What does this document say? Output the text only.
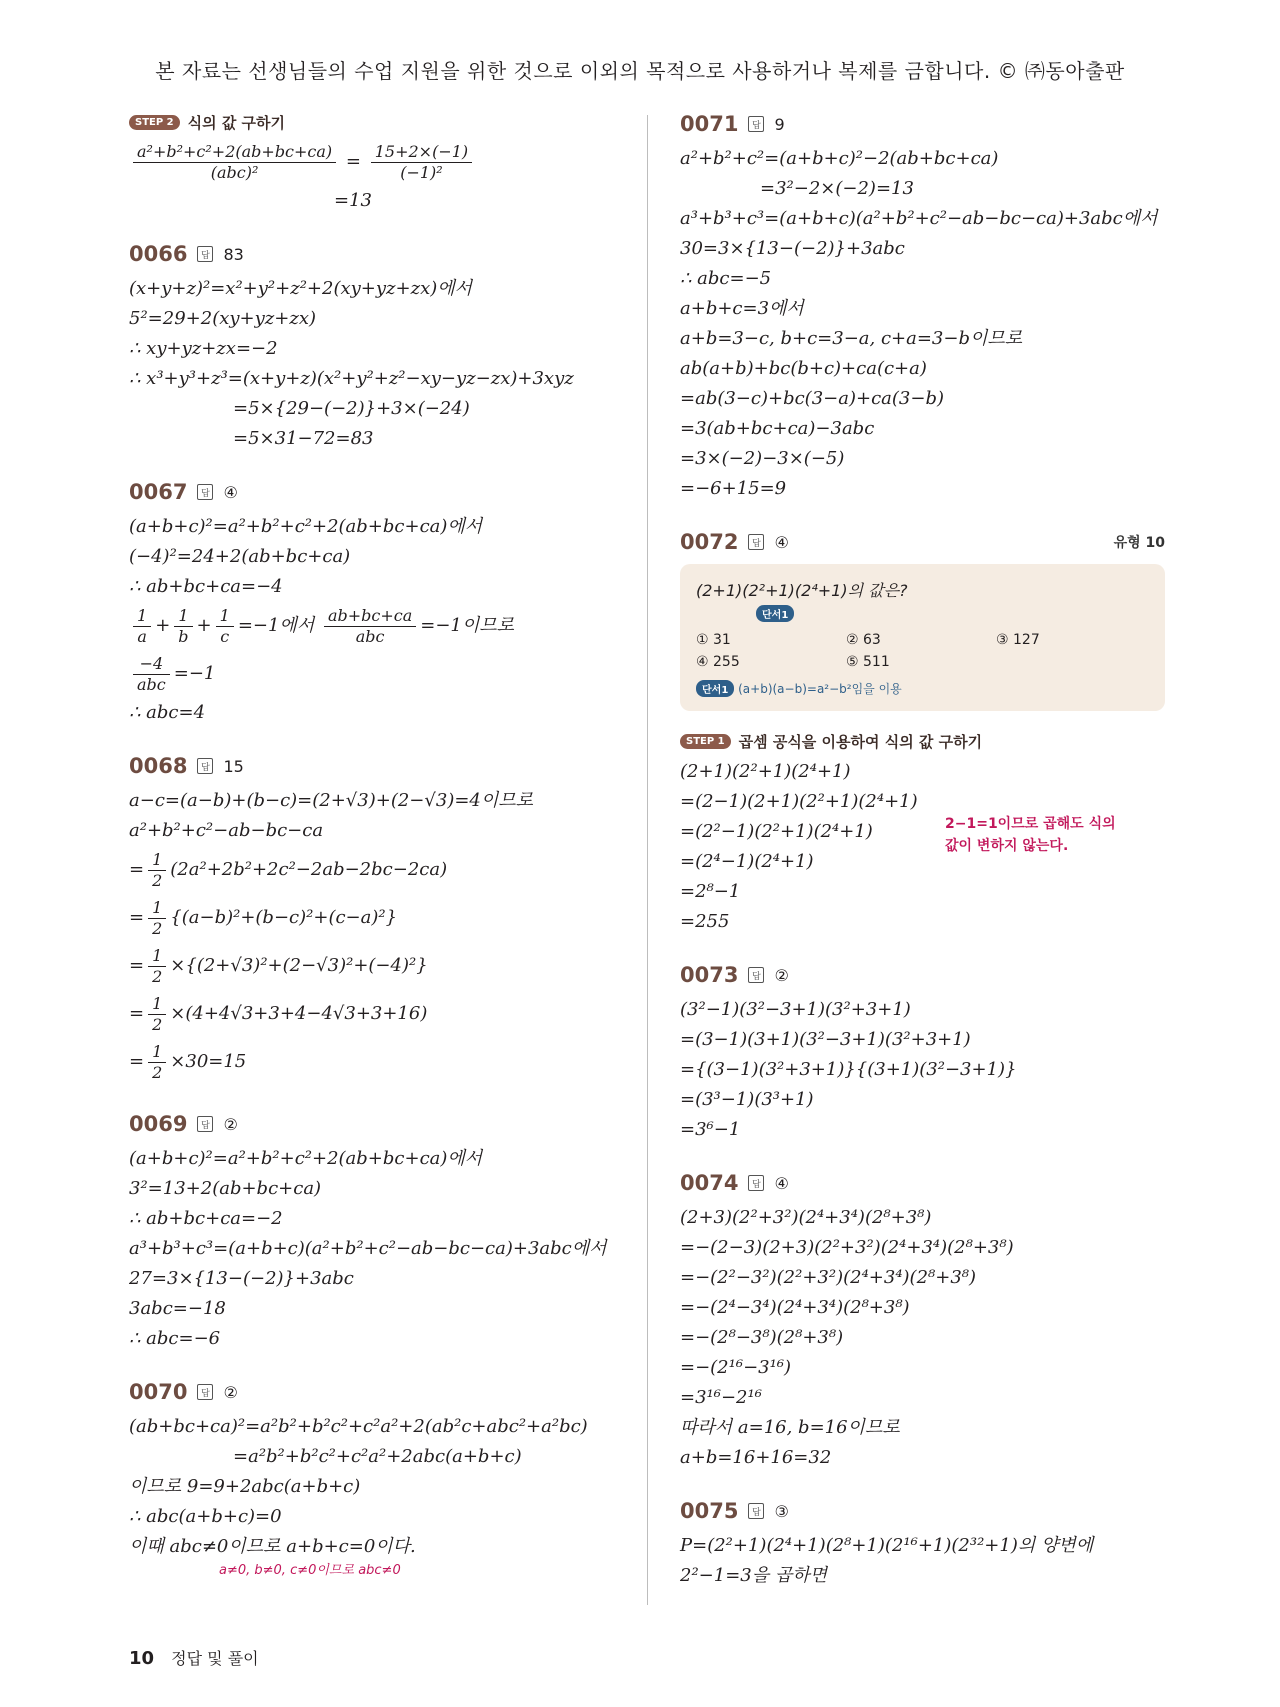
본 자료는 선생님들의 수업 지원을 위한 것으로 이외의 목적으로 사용하거나 복제를 금합니다. © ㈜동아출판
STEP 2 식의 값 구하기
$\frac{\text{a²+b²+c²+2(ab+bc+ca)}}{\text{(abc)²}} = \frac{15+2\times(-1)}{\text{(−1)²}}$
=13
0066	답 83
(x+y+z)²=x²+y²+z²+2(xy+yz+zx)에서
5²=29+2(xy+yz+zx)
∴ xy+yz+zx=−2
∴ x³+y³+z³=(x+y+z)(x²+y²+z²−xy−yz−zx)+3xyz
=5×{29−(−2)}+3×(−24)
=5×31−72=83
0067	답 ④
(a+b+c)²=a²+b²+c²+2(ab+bc+ca)에서
(−4)²=24+2(ab+bc+ca)
∴ ab+bc+ca=−4
$\frac{1}{a} + \frac{1}{b} + \frac{1}{c} =-1$에서 $\frac{ab+bc+ca}{\text{abc}} =-1$이므로
$\frac{-4}{\text{abc}} =-1$
∴ abc=4
0068	답 15
a−c=(a−b)+(b−c)=(2+√3)+(2−√3)=4이므로
a²+b²+c²−ab−bc−ca
= $\frac{1}{2} (2a^2+2b^2+2c^2-2ab-2bc-2ca)$
= $\frac{1}{2} \{(a-b)^2+(b-c)^2+(c-a)^2\}$
= $\frac{1}{2} \times\{(2+√3)^2+(2-√3)^2+(-4)^2\}$
= $\frac{1}{2} \times(4+4√3+3+4-4√3+3+16)$
= $\frac{1}{2} \times 30=15$
0069	답 ②
(a+b+c)²=a²+b²+c²+2(ab+bc+ca)에서
3²=13+2(ab+bc+ca)
∴ ab+bc+ca=−2
a³+b³+c³=(a+b+c)(a²+b²+c²−ab−bc−ca)+3abc에서
27=3×{13−(−2)}+3abc
3abc=−18
∴ abc=−6
0070	답 ②
(ab+bc+ca)²=a²b²+b²c²+c²a²+2(ab²c+abc²+a²bc)
=a²b²+b²c²+c²a²+2abc(a+b+c)
이므로 9=9+2abc(a+b+c)
∴ abc(a+b+c)=0
이때 abc≠0이므로 a+b+c=0이다.
a≠0, b≠0, c≠0이므로 abc≠0
0071	답 9
a²+b²+c²=(a+b+c)²−2(ab+bc+ca)
=3²−2×(−2)=13
a³+b³+c³=(a+b+c)(a²+b²+c²−ab−bc−ca)+3abc에서
30=3×{13−(−2)}+3abc
∴ abc=−5
a+b+c=3에서
a+b=3−c, b+c=3−a, c+a=3−b이므로
ab(a+b)+bc(b+c)+ca(c+a)
=ab(3−c)+bc(3−a)+ca(3−b)
=3(ab+bc+ca)−3abc
=3×(−2)−3×(−5)
=−6+15=9
0072	답 ④	유형 10
(2+1)(2²+1)(2⁴+1)의 값은?
단서1
① 31	② 63	③ 127
④ 255	⑤ 511
단서1 (a+b)(a−b)=a²−b²임을 이용
STEP 1 곱셈 공식을 이용하여 식의 값 구하기
(2+1)(2²+1)(2⁴+1)
=(2−1)(2+1)(2²+1)(2⁴+1)
=(2²−1)(2²+1)(2⁴+1)
=(2⁴−1)(2⁴+1)
=2⁸−1
=255
0073	답 ②
(3²−1)(3²−3+1)(3²+3+1)
=(3−1)(3+1)(3²−3+1)(3²+3+1)
={(3−1)(3²+3+1)}{(3+1)(3²−3+1)}
=(3³−1)(3³+1)
=3⁶−1
0074	답 ④
(2+3)(2²+3²)(2⁴+3⁴)(2⁸+3⁸)
=−(2−3)(2+3)(2²+3²)(2⁴+3⁴)(2⁸+3⁸)
=−(2²−3²)(2²+3²)(2⁴+3⁴)(2⁸+3⁸)
=−(2⁴−3⁴)(2⁴+3⁴)(2⁸+3⁸)
=−(2⁸−3⁸)(2⁸+3⁸)
=−(2¹⁶−3¹⁶)
=3¹⁶−2¹⁶
따라서 a=16, b=16이므로
a+b=16+16=32
0075	답 ③
P=(2²+1)(2⁴+1)(2⁸+1)(2¹⁶+1)(2³²+1)의 양변에
2²−1=3을 곱하면
2−1=1이므로 곱해도 식의
값이 변하지 않는다.
10 정답 및 풀이
